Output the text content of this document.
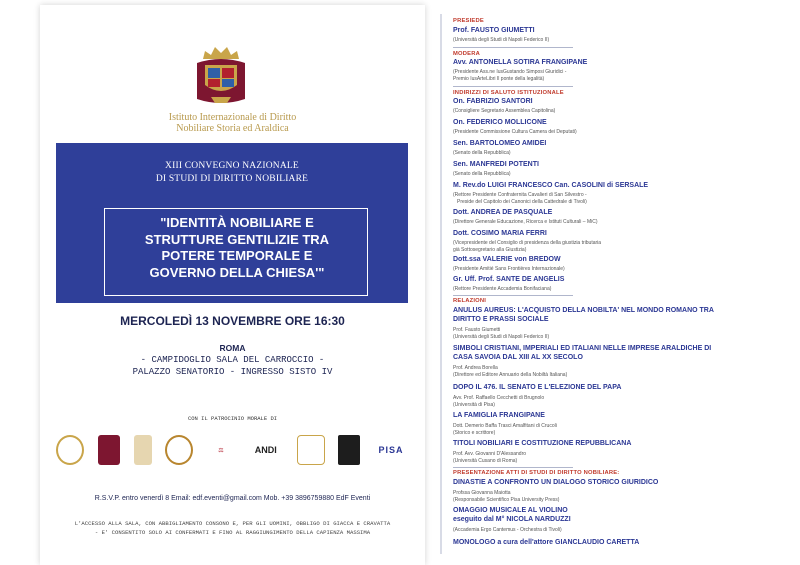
Istituto Internazionale di Diritto
Nobiliare Storia ed Araldica
XIII CONVEGNO NAZIONALE
DI STUDI DI DIRITTO NOBILIARE
"IDENTITÀ NOBILIARE E
STRUTTURE GENTILIZIE TRA
POTERE TEMPORALE E
GOVERNO DELLA CHIESA'"
MERCOLEDÌ 13 NOVEMBRE ORE 16:30
ROMA
- CAMPIDOGLIO SALA DEL CARROCCIO -
PALAZZO SENATORIO - INGRESSO SISTO IV
CON IL PATROCINIO MORALE DI
⚖	ANDI	PISA
R.S.V.P. entro venerdì 8 Email: edf.eventi@gmail.com Mob. +39 3896759880 EdF Eventi
L'ACCESSO ALLA SALA, CON ABBIGLIAMENTO CONSONO E, PER GLI UOMINI, OBBLIGO DI GIACCA E CRAVATTA
- E' CONSENTITO SOLO AI CONFERMATI E FINO AL RAGGIUNGIMENTO DELLA CAPIENZA MASSIMA
PRESIEDE
Prof. FAUSTO GIUMETTI
(Università degli Studi di Napoli Federico II)
MODERA
Avv. ANTONELLA SOTIRA FRANGIPANE
(Presidente Ass.ne IusGustando Simposi Giuridici -
Premio IusArteLibri Il ponte della legalità)
INDIRIZZI DI SALUTO ISTITUZIONALE
On. FABRIZIO SANTORI
(Consigliere Segretario Assemblea Capitolina)
On. FEDERICO MOLLICONE
(Presidente Commissione Cultura Camera dei Deputati)
Sen. BARTOLOMEO AMIDEI
(Senato della Repubblica)
Sen. MANFREDI POTENTI
(Senato della Repubblica)
M. Rev.do LUIGI FRANCESCO Can. CASOLINI di SERSALE
(Rettore Presidente Confraternita Cavalieri di San Silvestro -
Preside del Capitolo dei Canonici della Cattedrale di Tivoli)
Dott. ANDREA DE PASQUALE
(Direttore Generale Educazione, Ricerca e Istituti Culturali – MiC)
Dott. COSIMO MARIA FERRI
(Vicepresidente del Consiglio di presidenza della giustizia tributaria
già Sottosegretario alla Giustizia)
Dott.ssa VALERIE von BREDOW
(Presidente Amitié Sans Frontières Internazionale)
Gr. Uff. Prof. SANTE DE ANGELIS
(Rettore Presidente Accademia Bonifaciana)
RELAZIONI
ANULUS AUREUS: L'ACQUISTO DELLA NOBILTA' NEL MONDO ROMANO TRA
DIRITTO E PRASSI SOCIALE
Prof. Fausto Giumetti
(Università degli Studi di Napoli Federico II)
SIMBOLI CRISTIANI, IMPERIALI ED ITALIANI NELLE IMPRESE ARALDICHE DI
CASA SAVOIA DAL XIII AL XX SECOLO
Prof. Andrea Borella
(Direttore ed Editore Annuario della Nobiltà Italiana)
DOPO IL 476. IL SENATO E L'ELEZIONE DEL PAPA
Avv. Prof. Raffaello Cecchetti di Brugnolo
(Università di Pisa)
LA FAMIGLIA FRANGIPANE
Dott. Demerio Baffa Trasci Amalfitani di Crucoli
(Storico e scrittore)
TITOLI NOBILIARI E COSTITUZIONE REPUBBLICANA
Prof. Avv. Giovanni D'Alessandro
(Università Cusano di Roma)
PRESENTAZIONE ATTI DI STUDI DI DIRITTO NOBILIARE:
DINASTIE A CONFRONTO UN DIALOGO STORICO GIURIDICO
Profssa Giovanna Maiotta
(Responsabile Scientifico Pisa University Press)
OMAGGIO MUSICALE AL VIOLINO
eseguito dal M° NICOLA NARDUZZI
(Accademia Ergo Cantemus - Orchestra di Tivoli)
MONOLOGO a cura dell'attore GIANCLAUDIO CARETTA
